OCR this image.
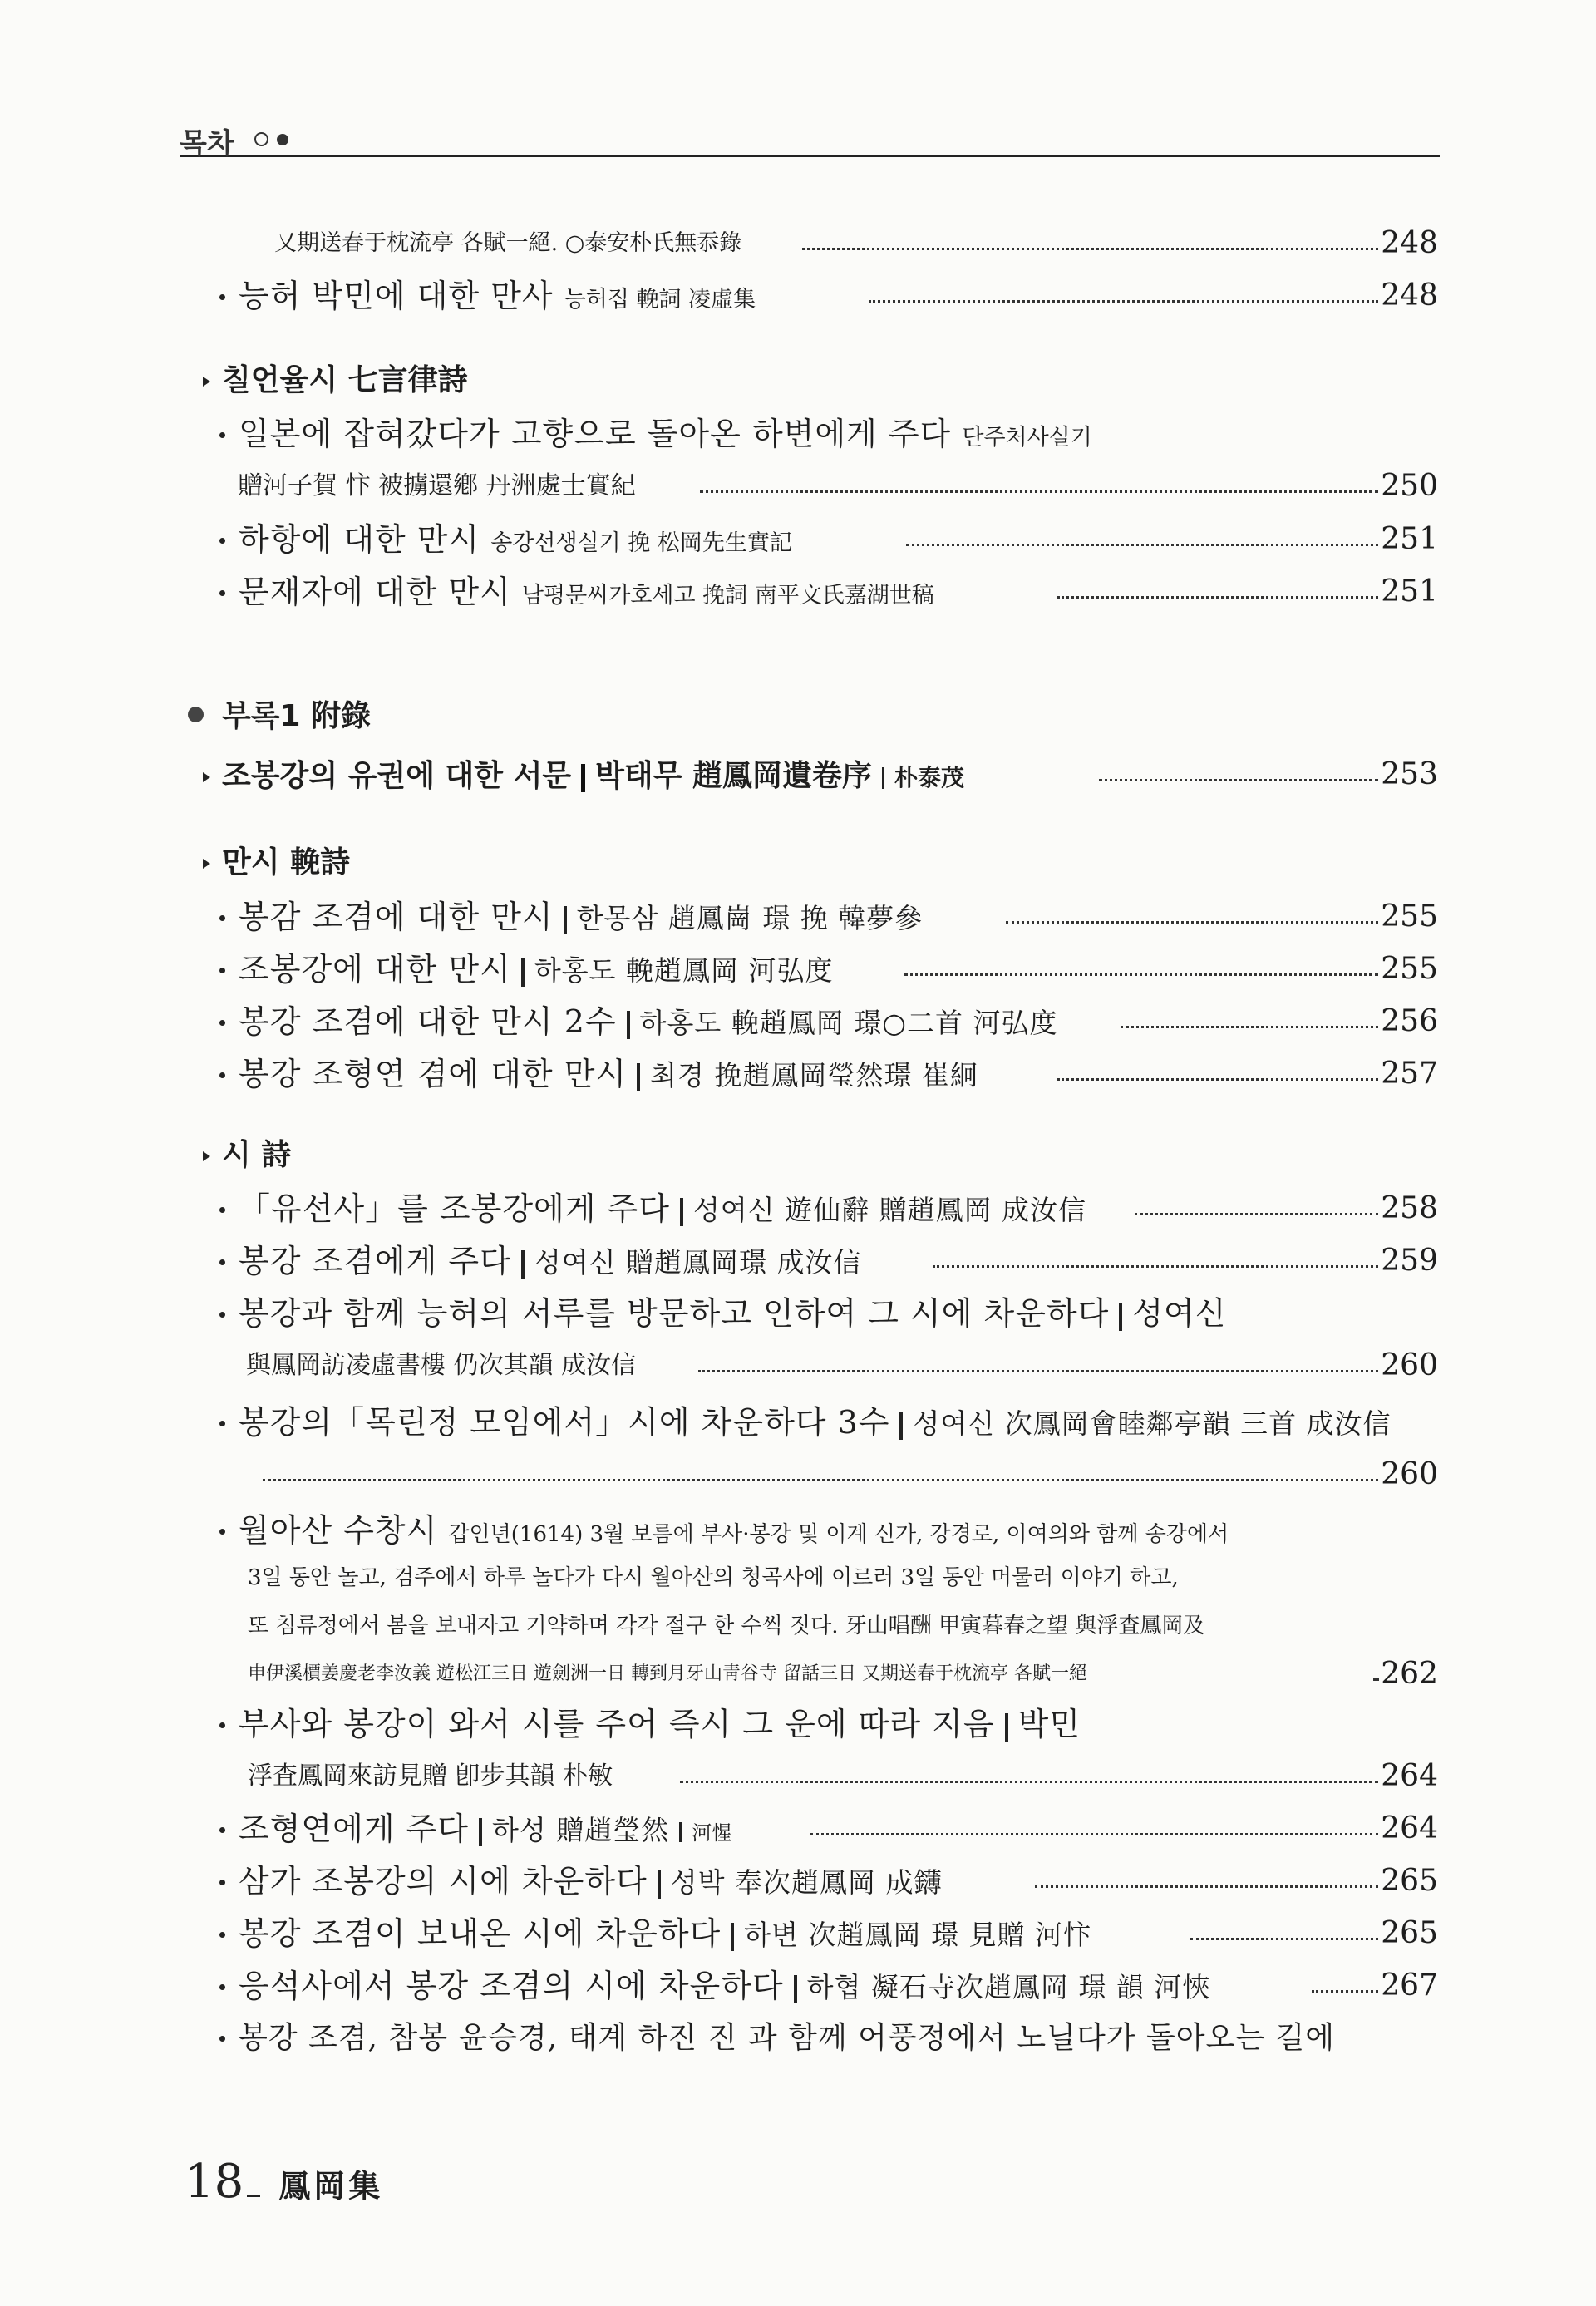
목차
又期送春于枕流亭 各賦一絕. ○泰安朴氏無忝錄	248
능허 박민에 대한 만사 능허집 輓詞 凌虛集	248
칠언율시 七言律詩
일본에 잡혀갔다가 고향으로 돌아온 하변에게 주다 단주처사실기
贈河子賀 忭 被擄還鄕 丹洲處士實紀	250
하항에 대한 만시 송강선생실기 挽 松岡先生實記	251
문재자에 대한 만시 남평문씨가호세고 挽詞 南平文氏嘉湖世稿	251
부록1 附錄
조봉강의 유권에 대한 서문 박태무 趙鳳岡遺卷序 朴泰茂	253
만시 輓詩
봉감 조겸에 대한 만시 한몽삼 趙鳳崗 璟 挽 韓夢參	255
조봉강에 대한 만시 하홍도 輓趙鳳岡 河弘度	255
봉강 조겸에 대한 만시 2수 하홍도 輓趙鳳岡 璟○二首 河弘度	256
봉강 조형연 겸에 대한 만시 최경 挽趙鳳岡瑩然璟 崔絅	257
시 詩
「유선사」를 조봉강에게 주다 성여신 遊仙辭 贈趙鳳岡 成汝信	258
봉강 조겸에게 주다 성여신 贈趙鳳岡璟 成汝信	259
봉강과 함께 능허의 서루를 방문하고 인하여 그 시에 차운하다 성여신
與鳳岡訪凌虛書樓 仍次其韻 成汝信	260
봉강의「목린정 모임에서」시에 차운하다 3수 성여신 次鳳岡會睦鄰亭韻 三首 成汝信
260
월아산 수창시 갑인년(1614) 3월 보름에 부사·봉강 및 이계 신가, 강경로, 이여의와 함께 송강에서
3일 동안 놀고, 검주에서 하루 놀다가 다시 월아산의 청곡사에 이르러 3일 동안 머물러 이야기 하고,
또 침류정에서 봄을 보내자고 기약하며 각각 절구 한 수씩 짓다. 牙山唱酬 甲寅暮春之望 與浮査鳳岡及
申伊溪檟姜慶老李汝義 遊松江三日 遊劍洲一日 轉到月牙山靑谷寺 留話三日 又期送春于枕流亭 各賦一絕	262
부사와 봉강이 와서 시를 주어 즉시 그 운에 따라 지음 박민
浮査鳳岡來訪見贈 卽步其韻 朴敏	264
조형연에게 주다 하성 贈趙瑩然 河惺	264
삼가 조봉강의 시에 차운하다 성박 奉次趙鳳岡 成鑮	265
봉강 조겸이 보내온 시에 차운하다 하변 次趙鳳岡 璟 見贈 河忭	265
응석사에서 봉강 조겸의 시에 차운하다 하협 凝石寺次趙鳳岡 璟 韻 河悏	267
봉강 조겸, 참봉 윤승경, 태계 하진 진 과 함께 어풍정에서 노닐다가 돌아오는 길에
18 鳳岡集
